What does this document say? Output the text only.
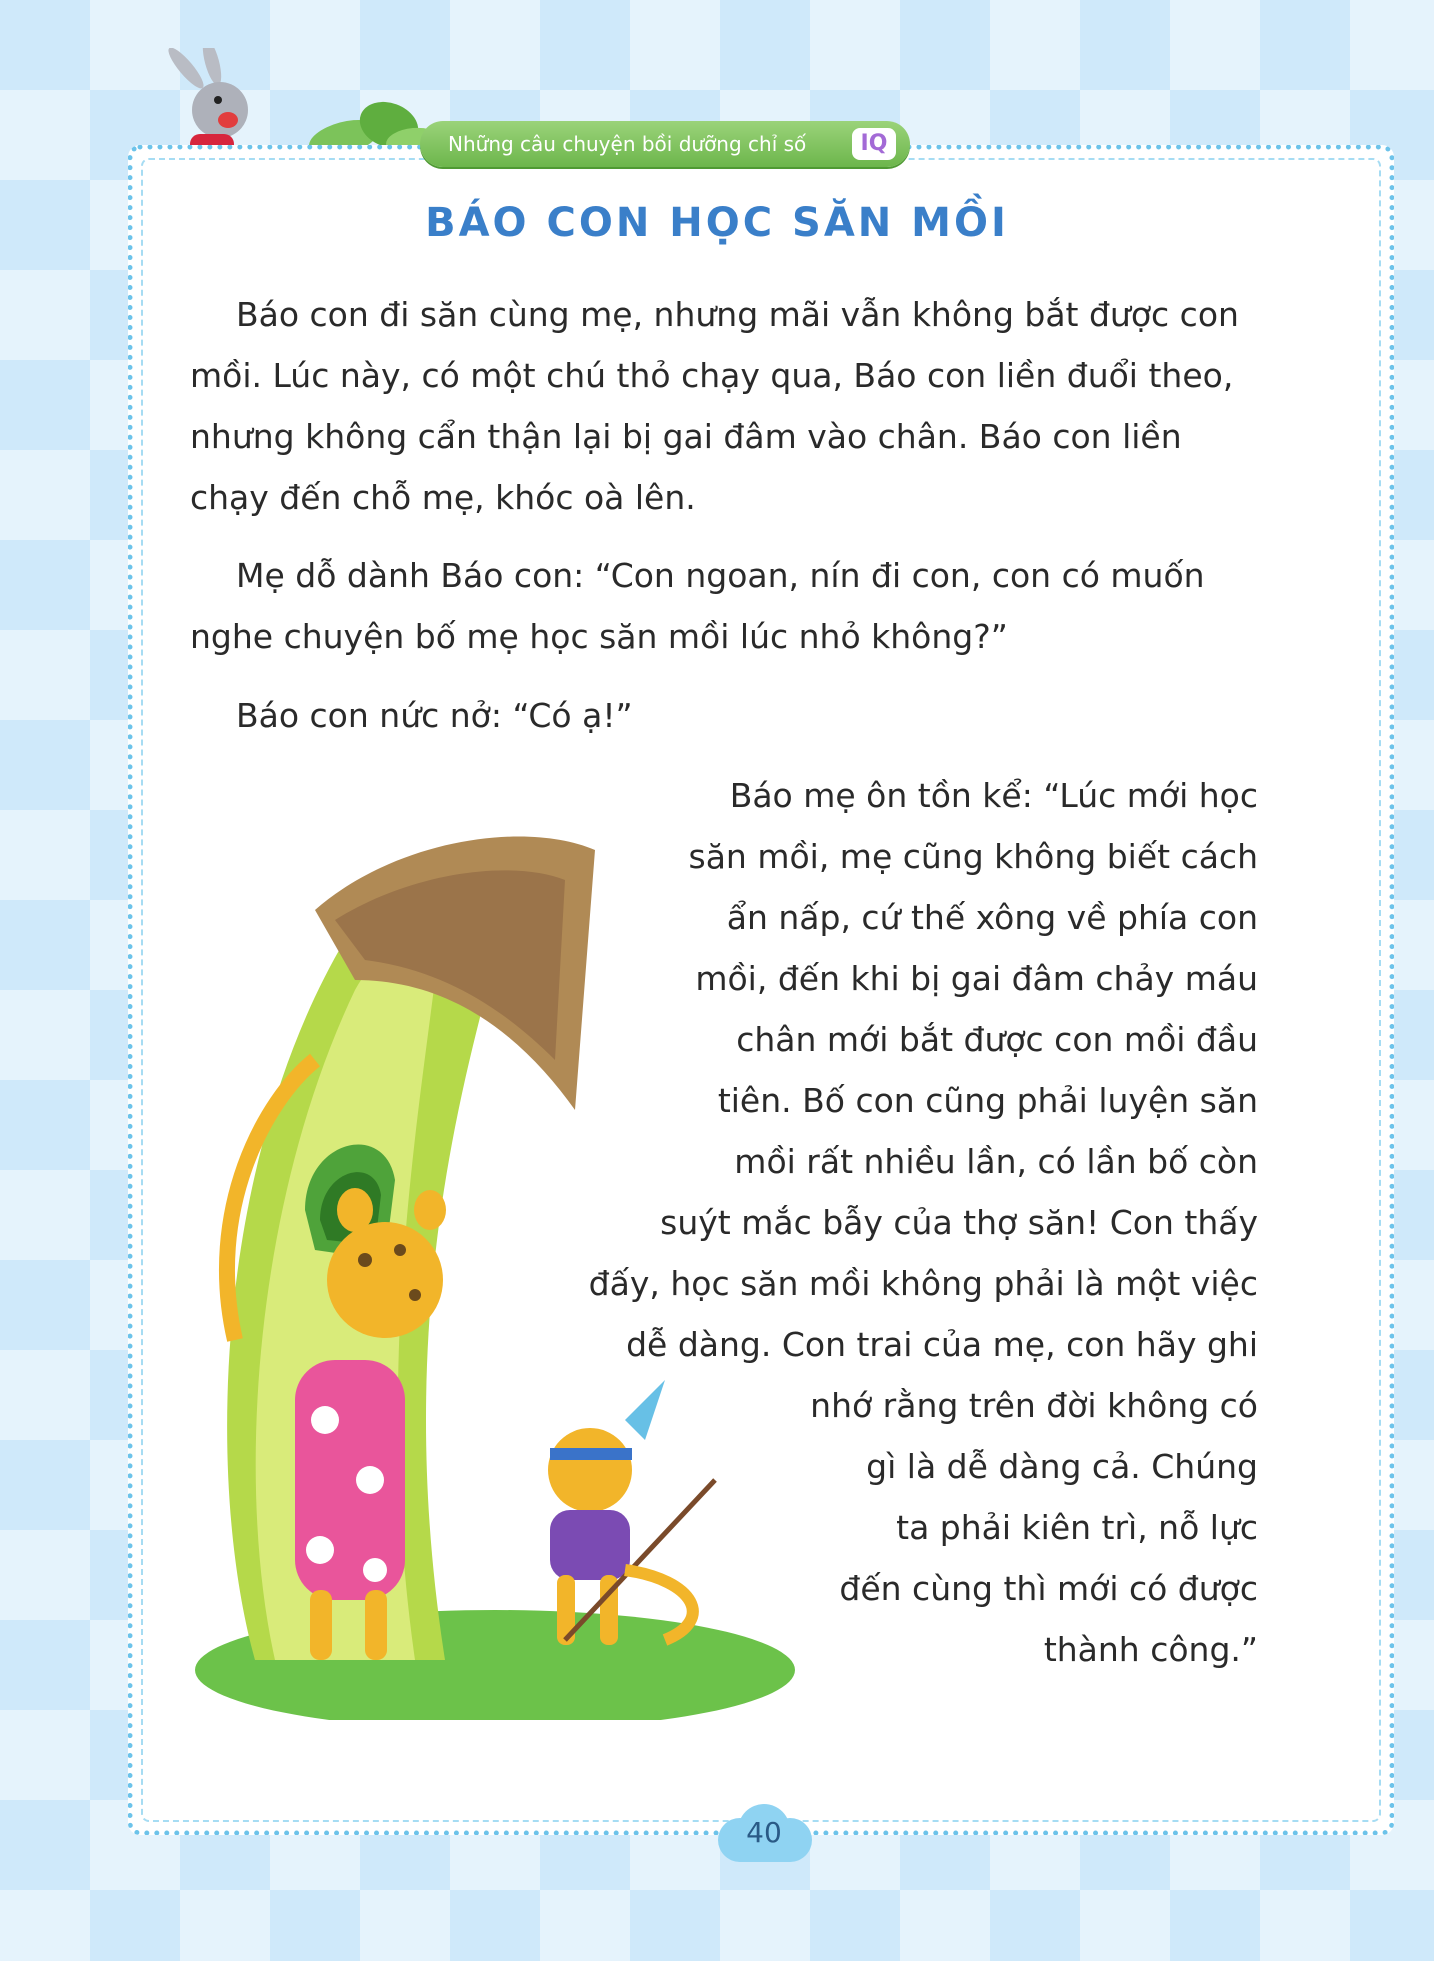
Những câu chuyện bồi dưỡng chỉ số	IQ
BÁO CON HỌC SĂN MỒI

Báo con đi săn cùng mẹ, nhưng mãi vẫn không bắt được con mồi. Lúc này, có một chú thỏ chạy qua, Báo con liền đuổi theo, nhưng không cẩn thận lại bị gai đâm vào chân. Báo con liền chạy đến chỗ mẹ, khóc oà lên.

Mẹ dỗ dành Báo con: “Con ngoan, nín đi con, con có muốn nghe chuyện bố mẹ học săn mồi lúc nhỏ không?”

Báo con nức nở: “Có ạ!”

Báo mẹ ôn tồn kể: “Lúc mới học
săn mồi, mẹ cũng không biết cách
ẩn nấp, cứ thế xông về phía con
mồi, đến khi bị gai đâm chảy máu
chân mới bắt được con mồi đầu
tiên. Bố con cũng phải luyện săn
mồi rất nhiều lần, có lần bố còn
suýt mắc bẫy của thợ săn! Con thấy
đấy, học săn mồi không phải là một việc
dễ dàng. Con trai của mẹ, con hãy ghi
nhớ rằng trên đời không có
gì là dễ dàng cả. Chúng
ta phải kiên trì, nỗ lực
đến cùng thì mới có được
thành công.”
40
